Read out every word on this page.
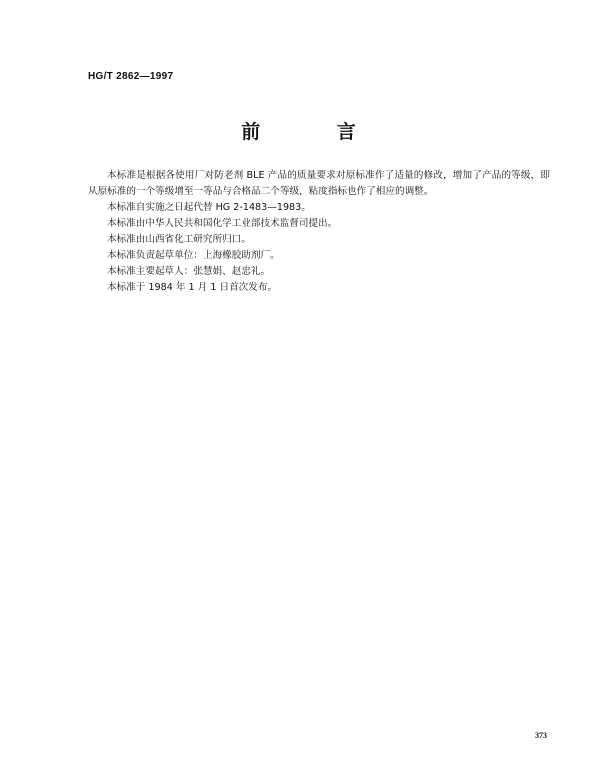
HG/T 2862—1997
前 言

本标准是根据各使用厂对防老剂 BLE 产品的质量要求对原标准作了适量的修改，增加了产品的等级，即从原标准的一个等级增至一等品与合格品二个等级，粘度指标也作了相应的调整。

本标准自实施之日起代替 HG 2-1483—1983。

本标准由中华人民共和国化学工业部技术监督司提出。

本标准由山西省化工研究所归口。

本标准负责起草单位：上海橡胶助剂厂。

本标准主要起草人：张慧娟、赵忠礼。

本标准于 1984 年 1 月 1 日首次发布。

373
